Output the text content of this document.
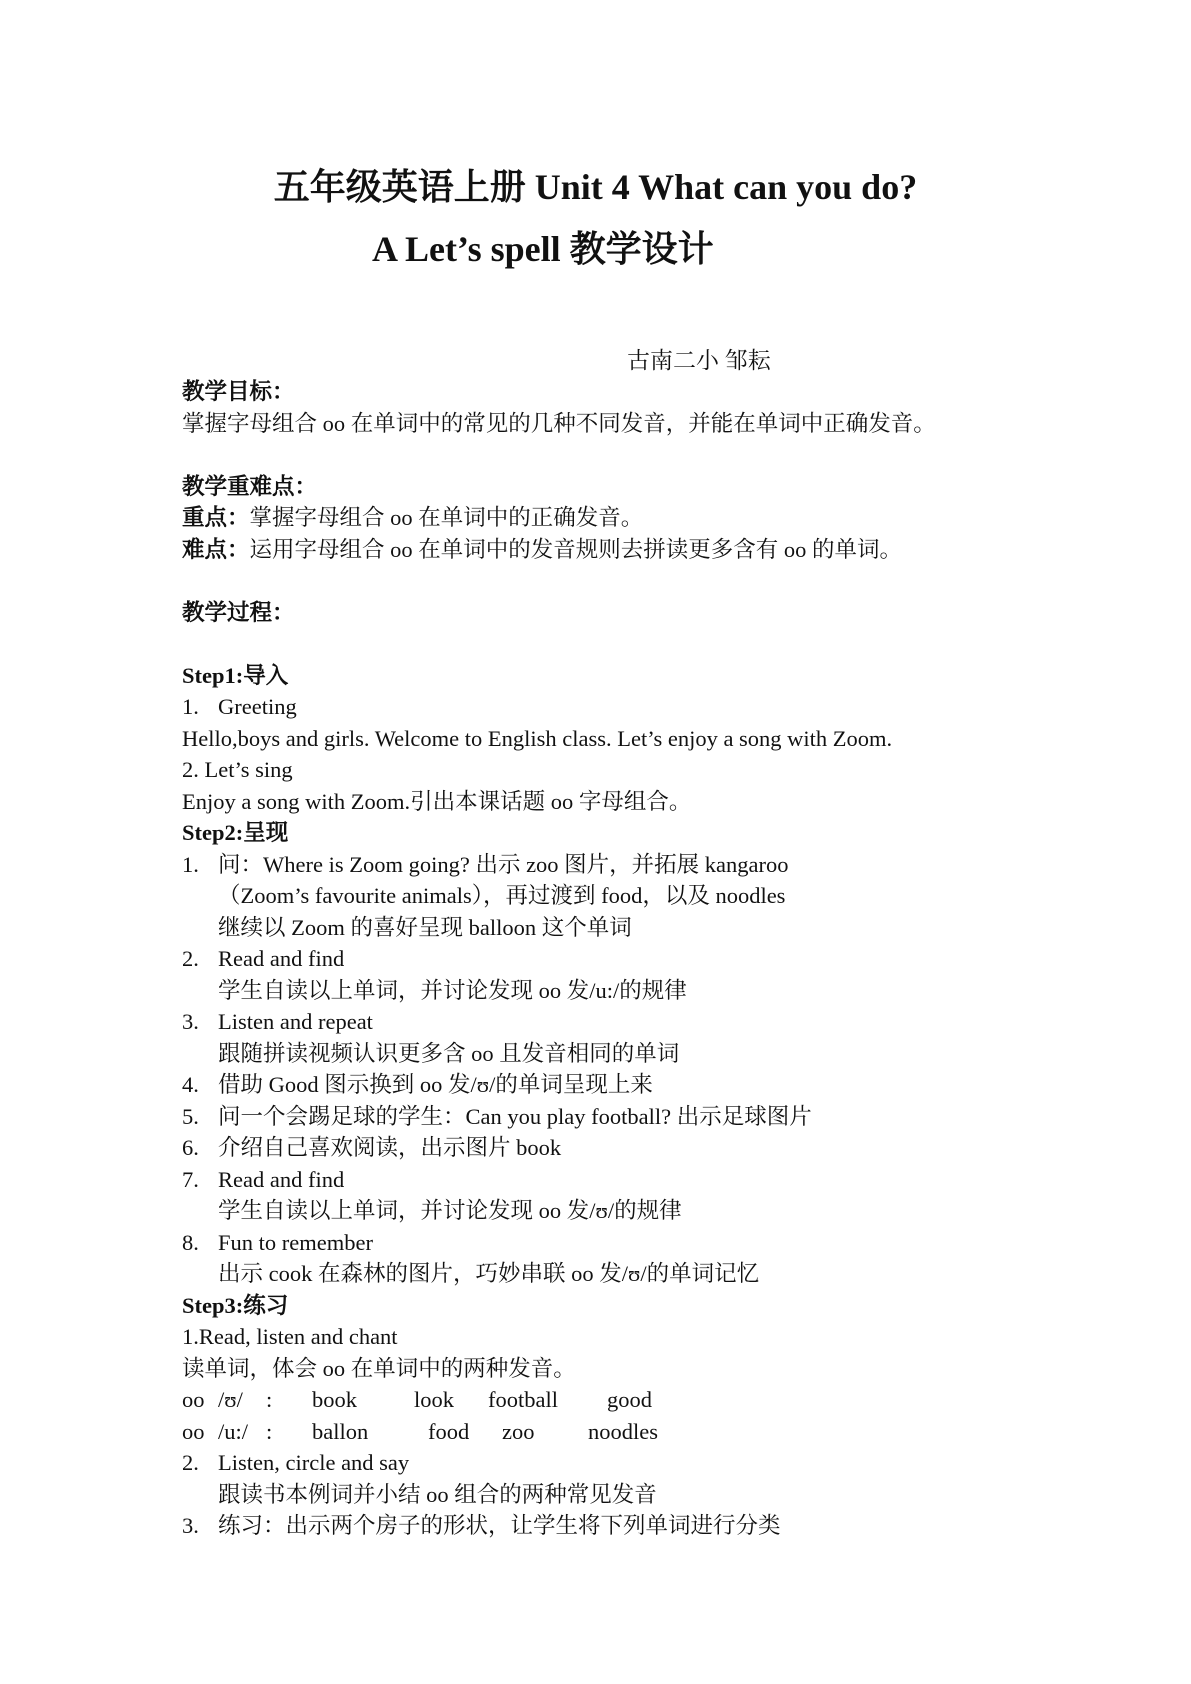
五年级英语上册 Unit 4 What can you do?
A Let’s spell 教学设计
古南二小 邹耘
教学目标：
掌握字母组合 oo 在单词中的常见的几种不同发音，并能在单词中正确发音。
教学重难点：
重点：掌握字母组合 oo 在单词中的正确发音。
难点：运用字母组合 oo 在单词中的发音规则去拼读更多含有 oo 的单词。
教学过程：
Step1:导入
1. Greeting
Hello,boys and girls. Welcome to English class. Let’s enjoy a song with Zoom.
2. Let’s sing
Enjoy a song with Zoom.引出本课话题 oo 字母组合。
Step2:呈现
1. 问：Where is Zoom going? 出示 zoo 图片，并拓展 kangaroo
（Zoom’s favourite animals），再过渡到 food，以及 noodles
继续以 Zoom 的喜好呈现 balloon 这个单词
2. Read and find
学生自读以上单词，并讨论发现 oo 发/u:/的规律
3. Listen and repeat
跟随拼读视频认识更多含 oo 且发音相同的单词
4. 借助 Good 图示换到 oo 发/ʊ/的单词呈现上来
5. 问一个会踢足球的学生：Can you play football? 出示足球图片
6. 介绍自己喜欢阅读，出示图片 book
7. Read and find
学生自读以上单词，并讨论发现 oo 发/ʊ/的规律
8. Fun to remember
出示 cook 在森林的图片，巧妙串联 oo 发/ʊ/的单词记忆
Step3:练习
1.Read, listen and chant
读单词，体会 oo 在单词中的两种发音。
oo /ʊ/ : book	look football good
oo /u:/ : ballon	food zoo noodles
2. Listen, circle and say
跟读书本例词并小结 oo 组合的两种常见发音
3. 练习：出示两个房子的形状，让学生将下列单词进行分类
